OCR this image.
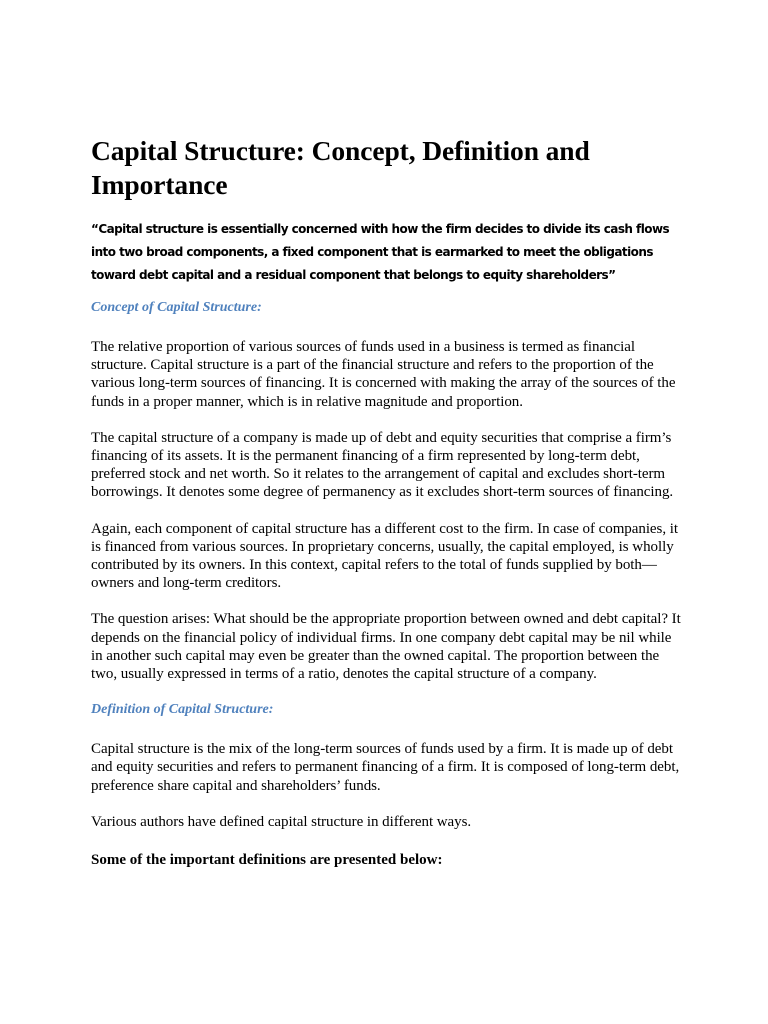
Capital Structure: Concept, Definition and Importance

“Capital structure is essentially concerned with how the firm decides to divide its cash flows into two broad components, a fixed component that is earmarked to meet the obligations toward debt capital and a residual component that belongs to equity shareholders”

Concept of Capital Structure:

The relative proportion of various sources of funds used in a business is termed as financial structure. Capital structure is a part of the financial structure and refers to the proportion of the various long-term sources of financing. It is concerned with making the array of the sources of the funds in a proper manner, which is in relative magnitude and proportion.

The capital structure of a company is made up of debt and equity securities that comprise a firm’s financing of its assets. It is the permanent financing of a firm represented by long-term debt, preferred stock and net worth. So it relates to the arrangement of capital and excludes short-term borrowings. It denotes some degree of permanency as it excludes short-term sources of financing.

Again, each component of capital structure has a different cost to the firm. In case of companies, it is financed from various sources. In proprietary concerns, usually, the capital employed, is wholly contributed by its owners. In this context, capital refers to the total of funds supplied by both—owners and long-term creditors.

The question arises: What should be the appropriate proportion between owned and debt capital? It depends on the financial policy of individual firms. In one company debt capital may be nil while in another such capital may even be greater than the owned capital. The proportion between the two, usually expressed in terms of a ratio, denotes the capital structure of a company.

Definition of Capital Structure:

Capital structure is the mix of the long-term sources of funds used by a firm. It is made up of debt and equity securities and refers to permanent financing of a firm. It is composed of long-term debt, preference share capital and shareholders’ funds.

Various authors have defined capital structure in different ways.

Some of the important definitions are presented below:
